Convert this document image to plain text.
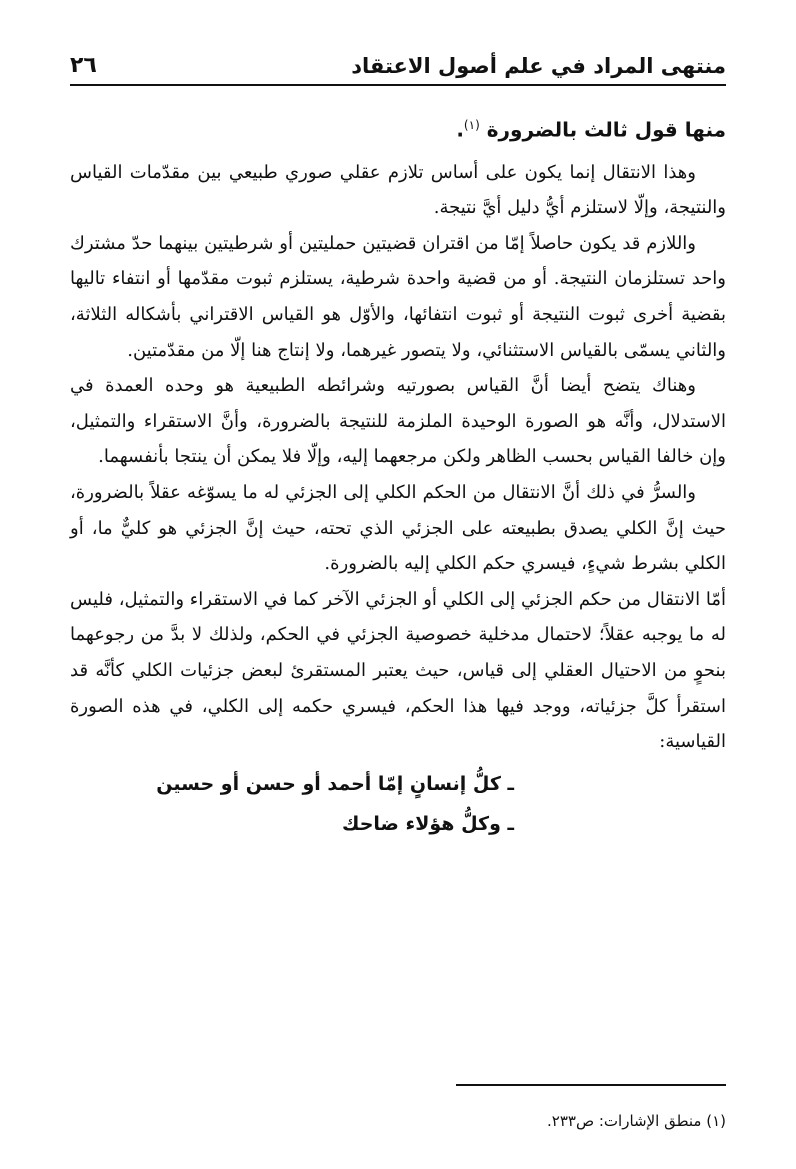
منتهى المراد في علم أصول الاعتقاد
٢٦

منها قول ثالث بالضرورة $^{(١)}$.

وهذا الانتقال إنما يكون على أساس تلازم عقلي صوري طبيعي بين مقدّمات القياس والنتيجة، وإلّا لاستلزم أيُّ دليل أيَّ نتيجة.

واللازم قد يكون حاصلاً إمّا من اقتران قضيتين حمليتين أو شرطيتين بينهما حدّ مشترك واحد تستلزمان النتيجة. أو من قضية واحدة شرطية، يستلزم ثبوت مقدّمها أو انتفاء تاليها بقضية أخرى ثبوت النتيجة أو ثبوت انتفائها، والأوّل هو القياس الاقتراني بأشكاله الثلاثة، والثاني يسمّى بالقياس الاستثنائي، ولا يتصور غيرهما، ولا إنتاج هنا إلّا من مقدّمتين.

وهناك يتضح أيضا أنَّ القياس بصورتيه وشرائطه الطبيعية هو وحده العمدة في الاستدلال، وأنَّه هو الصورة الوحيدة الملزمة للنتيجة بالضرورة، وأنَّ الاستقراء والتمثيل، وإن خالفا القياس بحسب الظاهر ولكن مرجعهما إليه، وإلّا فلا يمكن أن ينتجا بأنفسهما.

والسرُّ في ذلك أنَّ الانتقال من الحكم الكلي إلى الجزئي له ما يسوّغه عقلاً بالضرورة، حيث إنَّ الكلي يصدق بطبيعته على الجزئي الذي تحته، حيث إنَّ الجزئي هو كليٌّ ما، أو الكلي بشرط شيءٍ، فيسري حكم الكلي إليه بالضرورة.

أمّا الانتقال من حكم الجزئي إلى الكلي أو الجزئي الآخر كما في الاستقراء والتمثيل، فليس له ما يوجبه عقلاً؛ لاحتمال مدخلية خصوصية الجزئي في الحكم، ولذلك لا بدَّ من رجوعهما بنحوٍ من الاحتيال العقلي إلى قياس، حيث يعتبر المستقرئ لبعض جزئيات الكلي كأنَّه قد استقرأ كلَّ جزئياته، ووجد فيها هذا الحكم، فيسري حكمه إلى الكلي، في هذه الصورة القياسية:

ـ كلُّ إنسانٍ إمّا أحمد أو حسن أو حسين
ـ وكلُّ هؤلاء ضاحك
(١) منطق الإشارات: ص٢٣٣.
